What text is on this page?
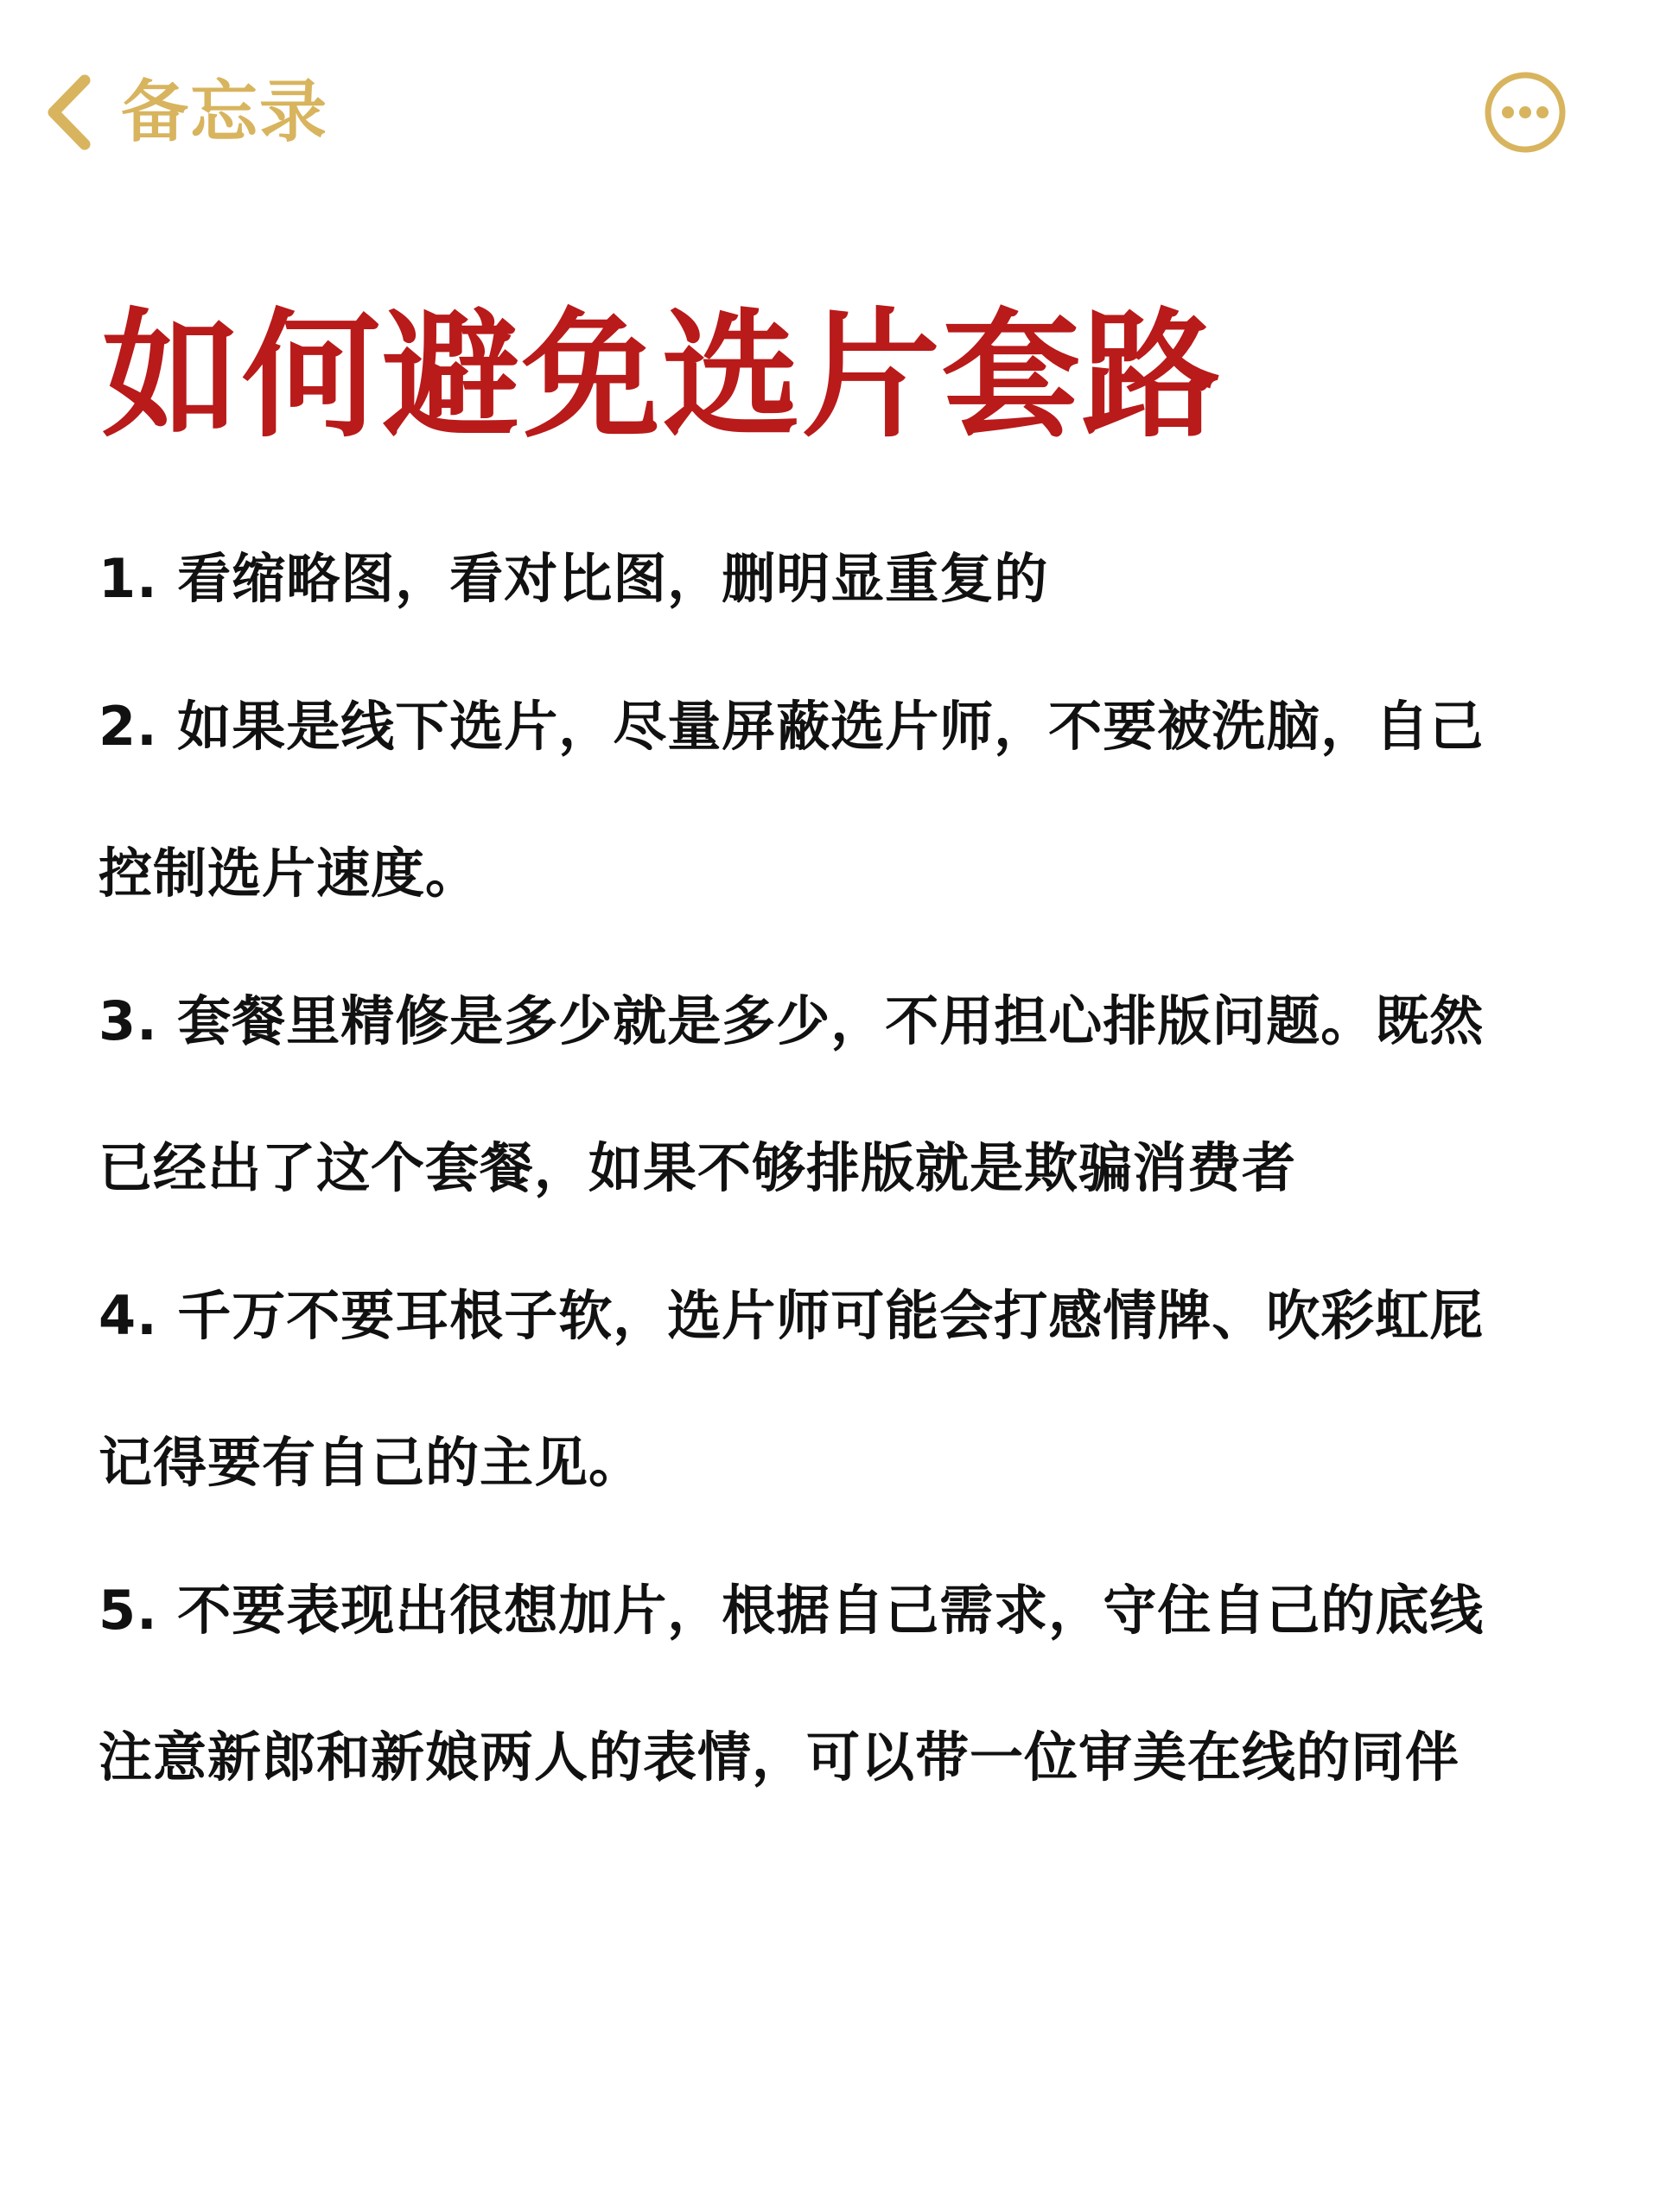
备忘录
如何避免选片套路
1. 看缩略图，看对比图，删明显重复的
2. 如果是线下选片，尽量屏蔽选片师，不要被洗脑，自己
控制选片速度。
3. 套餐里精修是多少就是多少，不用担心排版问题。既然
已经出了这个套餐，如果不够排版就是欺骗消费者
4. 千万不要耳根子软，选片师可能会打感情牌、吹彩虹屁
记得要有自己的主见。
5. 不要表现出很想加片，根据自己需求，守住自己的底线
注意新郎和新娘两人的表情，可以带一位审美在线的同伴
